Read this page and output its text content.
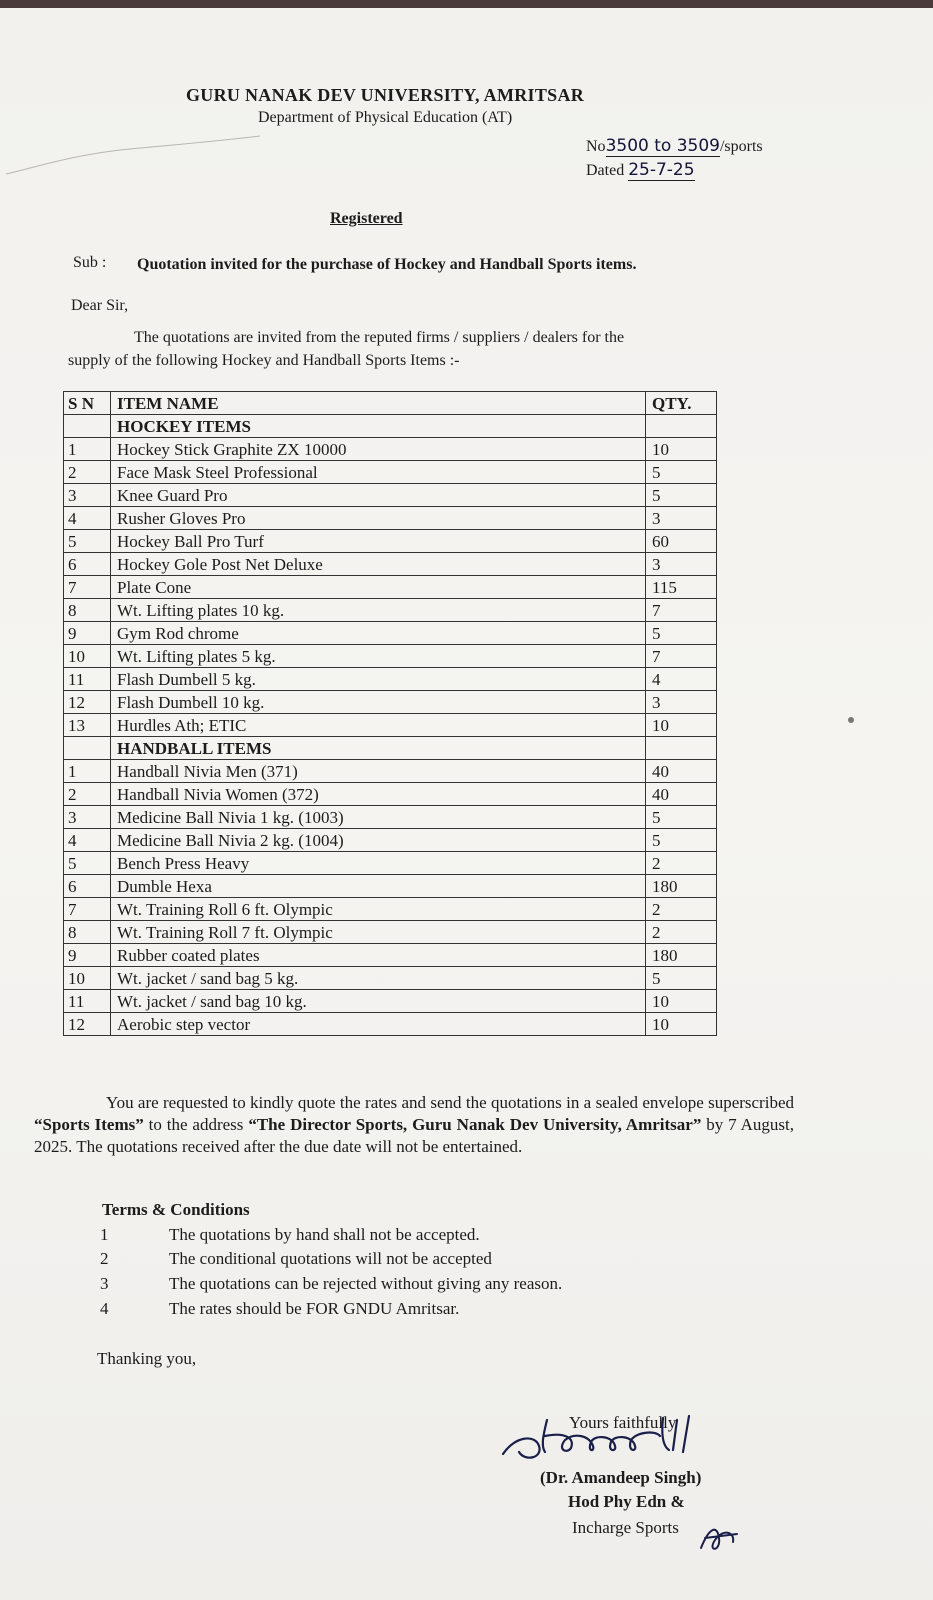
GURU NANAK DEV UNIVERSITY, AMRITSAR
Department of Physical Education (AT)
No3500 to 3509/sports
Dated 25-7-25
Registered
Sub : Quotation invited for the purchase of Hockey and Handball Sports items.
Dear Sir,
The quotations are invited from the reputed firms / suppliers / dealers for the
supply of the following Hockey and Handball Sports Items :-
S N	ITEM NAME	QTY.
	HOCKEY ITEMS	
1	Hockey Stick Graphite ZX 10000	10
2	Face Mask Steel Professional	5
3	Knee Guard Pro	5
4	Rusher Gloves Pro	3
5	Hockey Ball Pro Turf	60
6	Hockey Gole Post Net Deluxe	3
7	Plate Cone	115
8	Wt. Lifting plates 10 kg.	7
9	Gym Rod chrome	5
10	Wt. Lifting plates 5 kg.	7
11	Flash Dumbell 5 kg.	4
12	Flash Dumbell 10 kg.	3
13	Hurdles Ath; ETIC	10
	HANDBALL ITEMS	
1	Handball Nivia Men (371)	40
2	Handball Nivia Women (372)	40
3	Medicine Ball Nivia 1 kg. (1003)	5
4	Medicine Ball Nivia 2 kg. (1004)	5
5	Bench Press Heavy	2
6	Dumble Hexa	180
7	Wt. Training Roll 6 ft. Olympic	2
8	Wt. Training Roll 7 ft. Olympic	2
9	Rubber coated plates	180
10	Wt. jacket / sand bag 5 kg.	5
11	Wt. jacket / sand bag 10 kg.	10
12	Aerobic step vector	10

You are requested to kindly quote the rates and send the quotations in a sealed envelope superscribed “Sports Items” to the address “The Director Sports, Guru Nanak Dev University, Amritsar” by 7 August, 2025. The quotations received after the due date will not be entertained.

Terms & Conditions
1	The quotations by hand shall not be accepted.
2	The conditional quotations will not be accepted
3	The quotations can be rejected without giving any reason.
4	The rates should be FOR GNDU Amritsar.
Thanking you,
Yours faithfully
(Dr. Amandeep Singh)
Hod Phy Edn &
Incharge Sports
